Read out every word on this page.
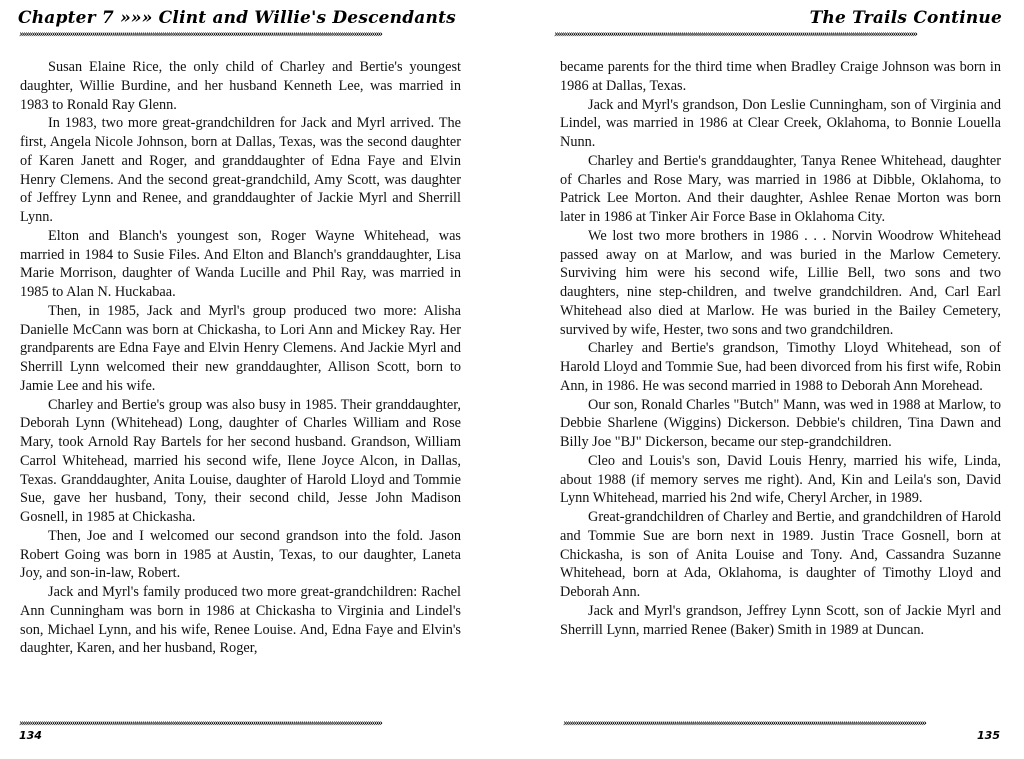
Chapter 7 »»» Clint and Willie's Descendants
»»»»»»»»»»»»»»»»»»»»»»»»»»»»»»»»»»»»»»»»»»»»»»»»»»»»»»»»»»»»»»»»»»»»»»»»»»»»»»»»»»»»»»»»»»

Susan Elaine Rice, the only child of Charley and Bertie's youngest daughter, Willie Burdine, and her husband Kenneth Lee, was married in 1983 to Ronald Ray Glenn.

In 1983, two more great-grandchildren for Jack and Myrl arrived. The first, Angela Nicole Johnson, born at Dallas, Texas, was the second daughter of Karen Janett and Roger, and granddaughter of Edna Faye and Elvin Henry Clemens. And the second great-grandchild, Amy Scott, was daughter of Jeffrey Lynn and Renee, and granddaughter of Jackie Myrl and Sherrill Lynn.

Elton and Blanch's youngest son, Roger Wayne Whitehead, was married in 1984 to Susie Files. And Elton and Blanch's granddaughter, Lisa Marie Morrison, daughter of Wanda Lucille and Phil Ray, was married in 1985 to Alan N. Huckabaa.

Then, in 1985, Jack and Myrl's group produced two more: Alisha Danielle McCann was born at Chickasha, to Lori Ann and Mickey Ray. Her grandparents are Edna Faye and Elvin Henry Clemens. And Jackie Myrl and Sherrill Lynn welcomed their new granddaughter, Allison Scott, born to Jamie Lee and his wife.

Charley and Bertie's group was also busy in 1985. Their granddaughter, Deborah Lynn (Whitehead) Long, daughter of Charles William and Rose Mary, took Arnold Ray Bartels for her second husband. Grandson, William Carrol Whitehead, married his second wife, Ilene Joyce Alcon, in Dallas, Texas. Granddaughter, Anita Louise, daughter of Harold Lloyd and Tommie Sue, gave her husband, Tony, their second child, Jesse John Madison Gosnell, in 1985 at Chickasha.

Then, Joe and I welcomed our second grandson into the fold. Jason Robert Going was born in 1985 at Austin, Texas, to our daughter, Laneta Joy, and son-in-law, Robert.

Jack and Myrl's family produced two more great-grandchildren: Rachel Ann Cunningham was born in 1986 at Chickasha to Virginia and Lindel's son, Michael Lynn, and his wife, Renee Louise. And, Edna Faye and Elvin's daughter, Karen, and her husband, Roger,

»»»»»»»»»»»»»»»»»»»»»»»»»»»»»»»»»»»»»»»»»»»»»»»»»»»»»»»»»»»»»»»»»»»»»»»»»»»»»»»»»»»»»»»»»»
134
The Trails Continue
»»»»»»»»»»»»»»»»»»»»»»»»»»»»»»»»»»»»»»»»»»»»»»»»»»»»»»»»»»»»»»»»»»»»»»»»»»»»»»»»»»»»»»»»»»

became parents for the third time when Bradley Craige Johnson was born in 1986 at Dallas, Texas.

Jack and Myrl's grandson, Don Leslie Cunningham, son of Virginia and Lindel, was married in 1986 at Clear Creek, Oklahoma, to Bonnie Louella Nunn.

Charley and Bertie's granddaughter, Tanya Renee Whitehead, daughter of Charles and Rose Mary, was married in 1986 at Dibble, Oklahoma, to Patrick Lee Morton. And their daughter, Ashlee Renae Morton was born later in 1986 at Tinker Air Force Base in Oklahoma City.

We lost two more brothers in 1986 . . . Norvin Woodrow Whitehead passed away on at Marlow, and was buried in the Marlow Cemetery. Surviving him were his second wife, Lillie Bell, two sons and two daughters, nine step-children, and twelve grandchildren. And, Carl Earl Whitehead also died at Marlow. He was buried in the Bailey Cemetery, survived by wife, Hester, two sons and two grandchildren.

Charley and Bertie's grandson, Timothy Lloyd Whitehead, son of Harold Lloyd and Tommie Sue, had been divorced from his first wife, Robin Ann, in 1986. He was second married in 1988 to Deborah Ann Morehead.

Our son, Ronald Charles "Butch" Mann, was wed in 1988 at Marlow, to Debbie Sharlene (Wiggins) Dickerson. Debbie's children, Tina Dawn and Billy Joe "BJ" Dickerson, became our step-grandchildren.

Cleo and Louis's son, David Louis Henry, married his wife, Linda, about 1988 (if memory serves me right). And, Kin and Leila's son, David Lynn Whitehead, married his 2nd wife, Cheryl Archer, in 1989.

Great-grandchildren of Charley and Bertie, and grandchildren of Harold and Tommie Sue are born next in 1989. Justin Trace Gosnell, born at Chickasha, is son of Anita Louise and Tony. And, Cassandra Suzanne Whitehead, born at Ada, Oklahoma, is daughter of Timothy Lloyd and Deborah Ann.

Jack and Myrl's grandson, Jeffrey Lynn Scott, son of Jackie Myrl and Sherrill Lynn, married Renee (Baker) Smith in 1989 at Duncan.

»»»»»»»»»»»»»»»»»»»»»»»»»»»»»»»»»»»»»»»»»»»»»»»»»»»»»»»»»»»»»»»»»»»»»»»»»»»»»»»»»»»»»»»»»»
135
